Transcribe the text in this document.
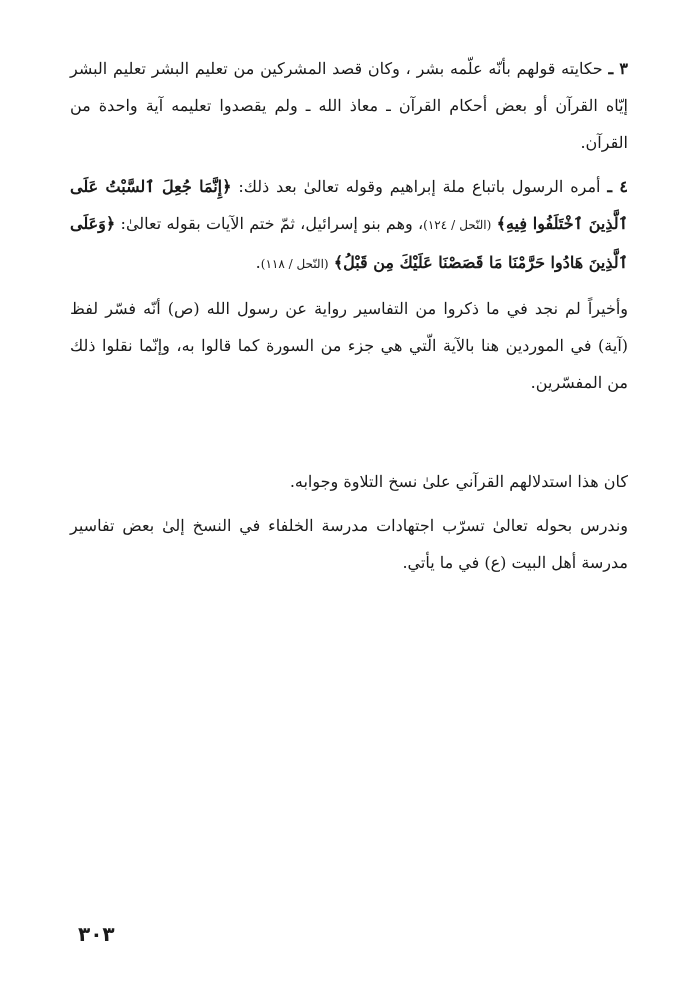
٣ ـ حكايته قولهم بأنّه علّمه بشر ، وكان قصد المشركين من تعليم البشر تعليم البشر إيّاه القرآن أو بعض أحكام القرآن ـ معاذ الله ـ ولم يقصدوا تعليمه آية واحدة من القرآن.

٤ ـ أمره الرسول باتباع ملة إبراهيم وقوله تعالىٰ بعد ذلك: ﴿إِنَّمَا جُعِلَ ٱلسَّبْتُ عَلَى ٱلَّذِينَ ٱخْتَلَفُوا فِيهِ﴾ (النّحل / ١٢٤)، وهم بنو إسرائيل، ثمّ ختم الآيات بقوله تعالىٰ: ﴿وَعَلَى ٱلَّذِينَ هَادُوا حَرَّمْنَا مَا قَصَصْنَا عَلَيْكَ مِن قَبْلُ﴾ (النّحل / ١١٨).

وأخيراً لم نجد في ما ذكروا من التفاسير رواية عن رسول الله (ص) أنّه فسّر لفظ (آية) في الموردين هنا بالآية الّتي هي جزء من السورة كما قالوا به، وإنّما نقلوا ذلك من المفسّرين.

كان هذا استدلالهم القرآني علىٰ نسخ التلاوة وجوابه.

وندرس بحوله تعالىٰ تسرّب اجتهادات مدرسة الخلفاء في النسخ إلىٰ بعض تفاسير مدرسة أهل البيت (ع) في ما يأتي.

٣٠٣
